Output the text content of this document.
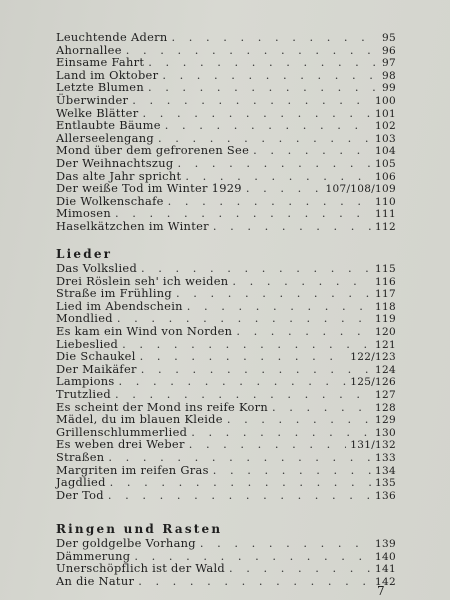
Leuchtende Adern . . .	95
Ahornallee . . .	96
Einsame Fahrt . . .	97
Land im Oktober . . .	98
Letzte Blumen . . .	99
Überwinder . . .	100
Welke Blätter . . .	101
Entlaubte Bäume . . .	102
Allerseelengang . . .	103
Mond über dem gefrorenen See . . .	104
Der Weihnachtszug . . .	105
Das alte Jahr spricht . . .	106
Der weiße Tod im Winter 1929 . . .	107/108/109
Die Wolkenschafe . . .	110
Mimosen . . .	111
Haselkätzchen im Winter . . .	112
Lieder
Das Volkslied . . .	115
Drei Röslein seh' ich weiden . . .	116
Straße im Frühling . . .	117
Lied im Abendschein . . .	118
Mondlied . . .	119
Es kam ein Wind von Norden . . .	120
Liebeslied . . .	121
Die Schaukel . . .	122/123
Der Maikäfer . . .	124
Lampions . . .	125/126
Trutzlied . . .	127
Es scheint der Mond ins reife Korn . . .	128
Mädel, du im blauen Kleide . . .	129
Grillenschlummerlied . . .	130
Es weben drei Weber . . .	131/132
Straßen . . .	133
Margriten im reifen Gras . . .	134
Jagdlied . . .	135
Der Tod . . .	136
Ringen und Rasten
Der goldgelbe Vorhang . . .	139
Dämmerung . . .	140
Unerschöpflich ist der Wald . . .	141
An die Natur . . .	142
7
